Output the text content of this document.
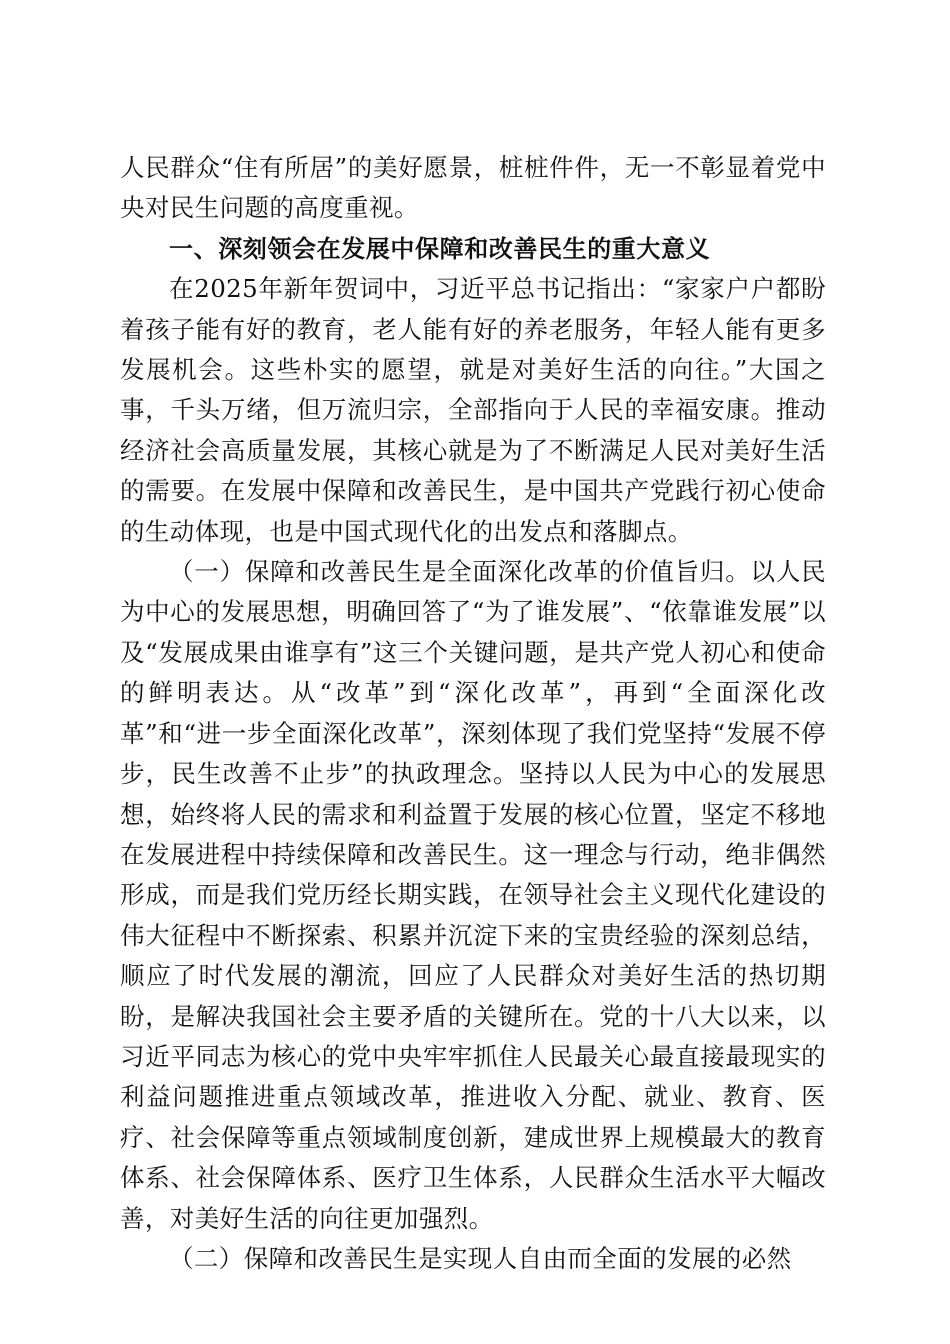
人民群众“住有所居”的美好愿景，桩桩件件，无一不彰显着党中央对民生问题的高度重视。

一、深刻领会在发展中保障和改善民生的重大意义

在2025年新年贺词中，习近平总书记指出：“家家户户都盼着孩子能有好的教育，老人能有好的养老服务，年轻人能有更多发展机会。这些朴实的愿望，就是对美好生活的向往。”大国之事，千头万绪，但万流归宗，全部指向于人民的幸福安康。推动经济社会高质量发展，其核心就是为了不断满足人民对美好生活的需要。在发展中保障和改善民生，是中国共产党践行初心使命的生动体现，也是中国式现代化的出发点和落脚点。

（一）保障和改善民生是全面深化改革的价值旨归。以人民为中心的发展思想，明确回答了“为了谁发展”、“依靠谁发展”以及“发展成果由谁享有”这三个关键问题，是共产党人初心和使命的鲜明表达。从“改革”到“深化改革”，再到“全面深化改革”和“进一步全面深化改革”，深刻体现了我们党坚持“发展不停步，民生改善不止步”的执政理念。坚持以人民为中心的发展思想，始终将人民的需求和利益置于发展的核心位置，坚定不移地在发展进程中持续保障和改善民生。这一理念与行动，绝非偶然形成，而是我们党历经长期实践，在领导社会主义现代化建设的伟大征程中不断探索、积累并沉淀下来的宝贵经验的深刻总结，顺应了时代发展的潮流，回应了人民群众对美好生活的热切期盼，是解决我国社会主要矛盾的关键所在。党的十八大以来，以习近平同志为核心的党中央牢牢抓住人民最关心最直接最现实的利益问题推进重点领域改革，推进收入分配、就业、教育、医疗、社会保障等重点领域制度创新，建成世界上规模最大的教育体系、社会保障体系、医疗卫生体系，人民群众生活水平大幅改善，对美好生活的向往更加强烈。

（二）保障和改善民生是实现人自由而全面的发展的必然
